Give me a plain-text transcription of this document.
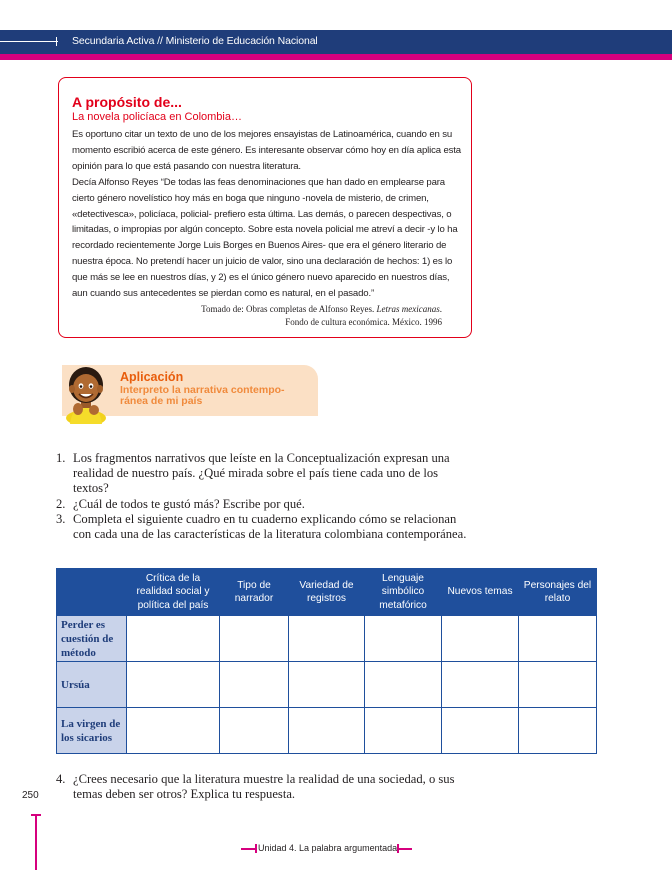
Secundaria Activa // Ministerio de Educación Nacional
A propósito de...
La novela policíaca en Colombia…

Es oportuno citar un texto de uno de los mejores ensayistas de Latinoamérica, cuando en su momento escribió acerca de este género. Es interesante observar cómo hoy en día aplica esta opinión para lo que está pasando con nuestra literatura.

Decía Alfonso Reyes “De todas las feas denominaciones que han dado en emplearse para cierto género novelístico hoy más en boga que ninguno -novela de misterio, de crimen, «detectivesca», policíaca, policial- prefiero esta última. Las demás, o parecen despectivas, o limitadas, o impropias por algún concepto. Sobre esta novela policial me atreví a decir -y lo ha recordado recientemente Jorge Luis Borges en Buenos Aires- que era el género literario de nuestra época. No pretendí hacer un juicio de valor, sino una declaración de hechos: 1) es lo que más se lee en nuestros días, y 2) es el único género nuevo aparecido en nuestros días, aun cuando sus antecedentes se pierdan como es natural, en el pasado.”

Tomado de: Obras completas de Alfonso Reyes. Letras mexicanas.
Fondo de cultura económica. México. 1996
Aplicación
Interpreto la narrativa contempo-
ránea de mi país
1. Los fragmentos narrativos que leíste en la Conceptualización expresan una realidad de nuestro país. ¿Qué mirada sobre el país tiene cada uno de los textos?
2. ¿Cuál de todos te gustó más? Escribe por qué.
3. Completa el siguiente cuadro en tu cuaderno explicando cómo se relacionan con cada una de las características de la literatura colombiana contemporánea.
	Crítica de la realidad social y política del país	Tipo de narrador	Variedad de registros	Lenguaje simbólico metafórico	Nuevos temas	Personajes del relato
Perder es cuestión de método						
Ursúa						
La virgen de los sicarios						
4. ¿Crees necesario que la literatura muestre la realidad de una sociedad, o sus temas deben ser otros? Explica tu respuesta.
250
Unidad 4. La palabra argumentada
